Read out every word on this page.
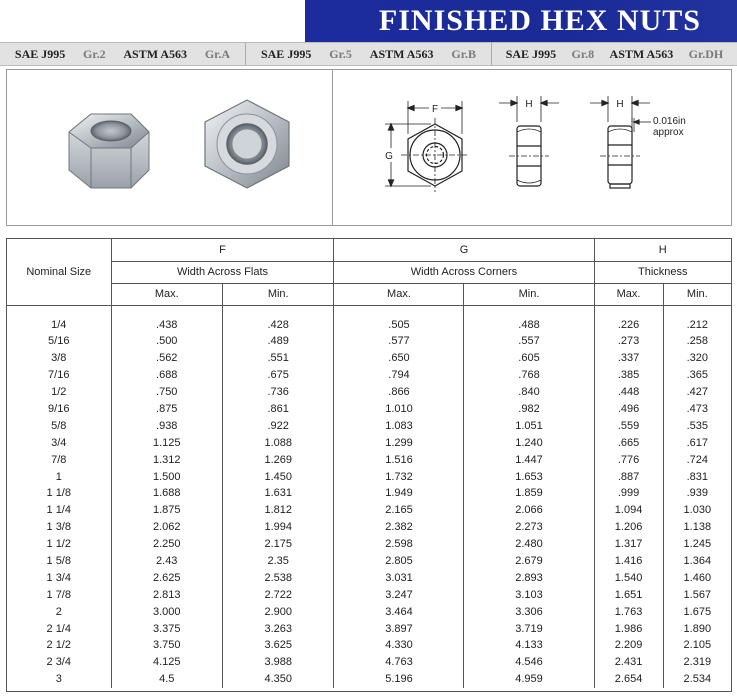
FINISHED HEX NUTS
SAE J995 Gr.2 ASTM A563 Gr.A	SAE J995 Gr.5 ASTM A563 Gr.B SAE J995 Gr.8 ASTM A563 Gr.DH
F
G
H	H
0.016in
approx
Nominal Size	F		G		H	
	Width Across Flats		Width Across Corners		Thickness	
	Max.	Min.	Max.	Min.	Max.	Min.
1/4	.438	.428	.505	.488	.226	.212
5/16	.500	.489	.577	.557	.273	.258
3/8	.562	.551	.650	.605	.337	.320
7/16	.688	.675	.794	.768	.385	.365
1/2	.750	.736	.866	.840	.448	.427
9/16	.875	.861	1.010	.982	.496	.473
5/8	.938	.922	1.083	1.051	.559	.535
3/4	1.125	1.088	1.299	1.240	.665	.617
7/8	1.312	1.269	1.516	1.447	.776	.724
1	1.500	1.450	1.732	1.653	.887	.831
1 1/8	1.688	1.631	1.949	1.859	.999	.939
1 1/4	1.875	1.812	2.165	2.066	1.094	1.030
1 3/8	2.062	1.994	2.382	2.273	1.206	1.138
1 1/2	2.250	2.175	2.598	2.480	1.317	1.245
1 5/8	2.43	2.35	2.805	2.679	1.416	1.364
1 3/4	2.625	2.538	3.031	2.893	1.540	1.460
1 7/8	2.813	2.722	3.247	3.103	1.651	1.567
2	3.000	2.900	3.464	3.306	1.763	1.675
2 1/4	3.375	3.263	3.897	3.719	1.986	1.890
2 1/2	3.750	3.625	4.330	4.133	2.209	2.105
2 3/4	4.125	3.988	4.763	4.546	2.431	2.319
3	4.5	4.350	5.196	4.959	2.654	2.534
